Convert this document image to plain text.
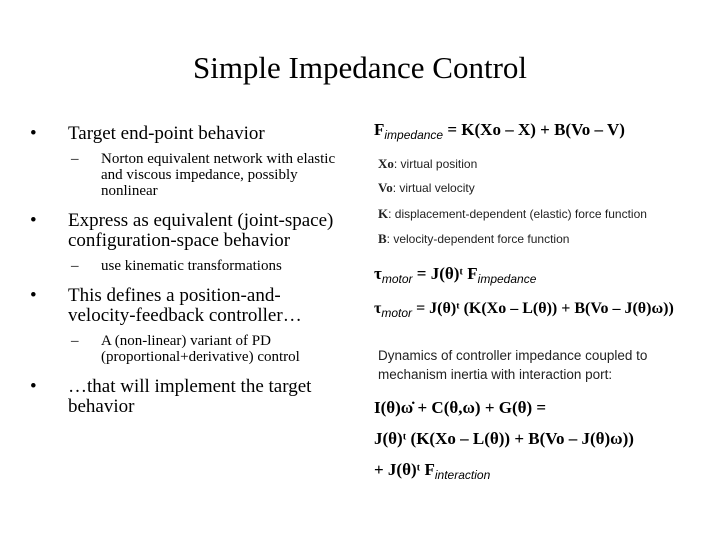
Simple Impedance Control
• Target end-point behavior
– Norton equivalent network with elastic and viscous impedance, possibly nonlinear
• Express as equivalent (joint-space) configuration-space behavior
– use kinematic transformations
• This defines a position-and-velocity-feedback controller…
– A (non-linear) variant of PD (proportional+derivative) control
• …that will implement the target behavior
$F_{impedance} = K(Xo - X) + B(Vo - V)$
Xo: virtual position
Vo: virtual velocity
K: displacement-dependent (elastic) force function
B: velocity-dependent force function
$\tau_{motor}$ = J(θ)ᵗ $F_{impedance}$
$\tau_{motor}$ = J(θ)ᵗ (K(Xo – L(θ)) + B(Vo – J(θ)ω))
Dynamics of controller impedance coupled to mechanism inertia with interaction port:
I(θ)ω̇ + C(θ,ω) + G(θ) =
J(θ)ᵗ (K(Xo – L(θ)) + B(Vo – J(θ)ω))
+ J(θ)ᵗ $F_{interaction}$
